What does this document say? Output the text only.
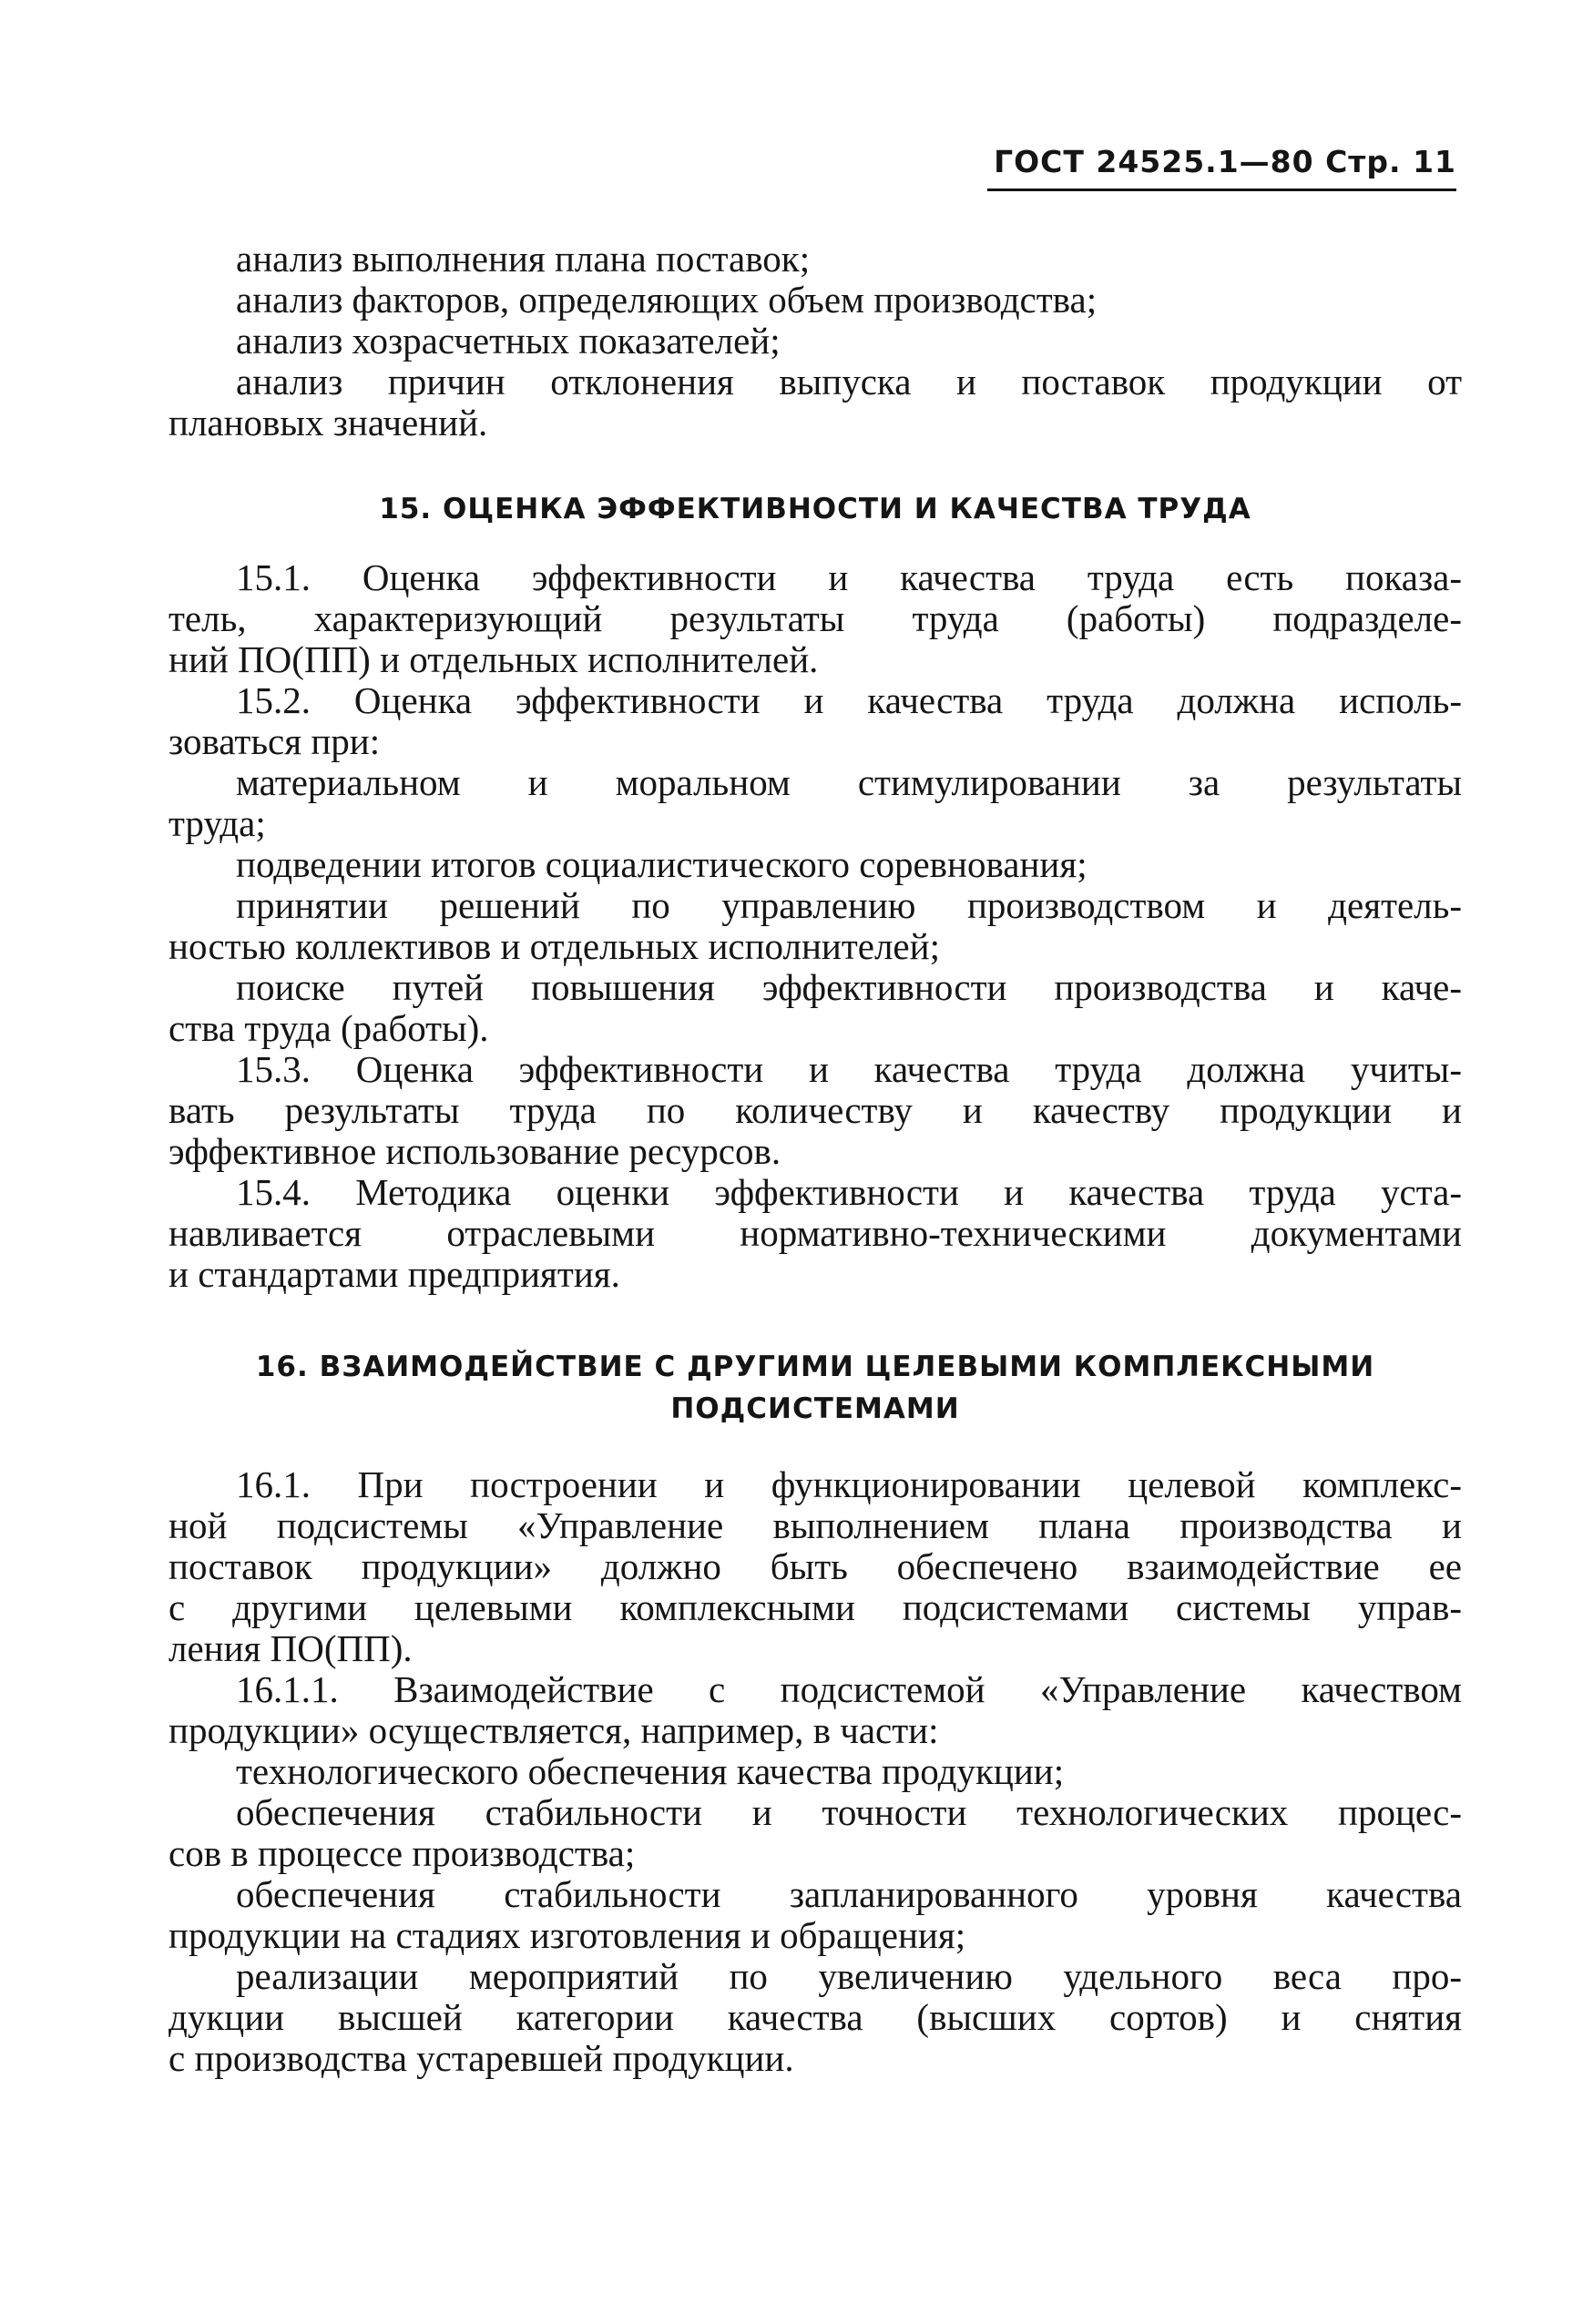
ГОСТ 24525.1—80 Стр. 11

анализ выполнения плана поставок;

анализ факторов, определяющих объем производства;

анализ хозрасчетных показателей;

анализ причин отклонения выпуска и поставок продукции от

плановых значений.

15. ОЦЕНКА ЭФФЕКТИВНОСТИ И КАЧЕСТВА ТРУДА

15.1. Оценка эффективности и качества труда есть показа-

тель, характеризующий результаты труда (работы) подразделе-

ний ПО(ПП) и отдельных исполнителей.

15.2. Оценка эффективности и качества труда должна исполь-

зоваться при:

материальном и моральном стимулировании за результаты

труда;

подведении итогов социалистического соревнования;

принятии решений по управлению производством и деятель-

ностью коллективов и отдельных исполнителей;

поиске путей повышения эффективности производства и каче-

ства труда (работы).

15.3. Оценка эффективности и качества труда должна учиты-

вать результаты труда по количеству и качеству продукции и

эффективное использование ресурсов.

15.4. Методика оценки эффективности и качества труда уста-

навливается отраслевыми нормативно-техническими документами

и стандартами предприятия.

16. ВЗАИМОДЕЙСТВИЕ С ДРУГИМИ ЦЕЛЕВЫМИ КОМПЛЕКСНЫМИ

ПОДСИСТЕМАМИ

16.1. При построении и функционировании целевой комплекс-

ной подсистемы «Управление выполнением плана производства и

поставок продукции» должно быть обеспечено взаимодействие ее

с другими целевыми комплексными подсистемами системы управ-

ления ПО(ПП).

16.1.1. Взаимодействие с подсистемой «Управление качеством

продукции» осуществляется, например, в части:

технологического обеспечения качества продукции;

обеспечения стабильности и точности технологических процес-

сов в процессе производства;

обеспечения стабильности запланированного уровня качества

продукции на стадиях изготовления и обращения;

реализации мероприятий по увеличению удельного веса про-

дукции высшей категории качества (высших сортов) и снятия

с производства устаревшей продукции.
